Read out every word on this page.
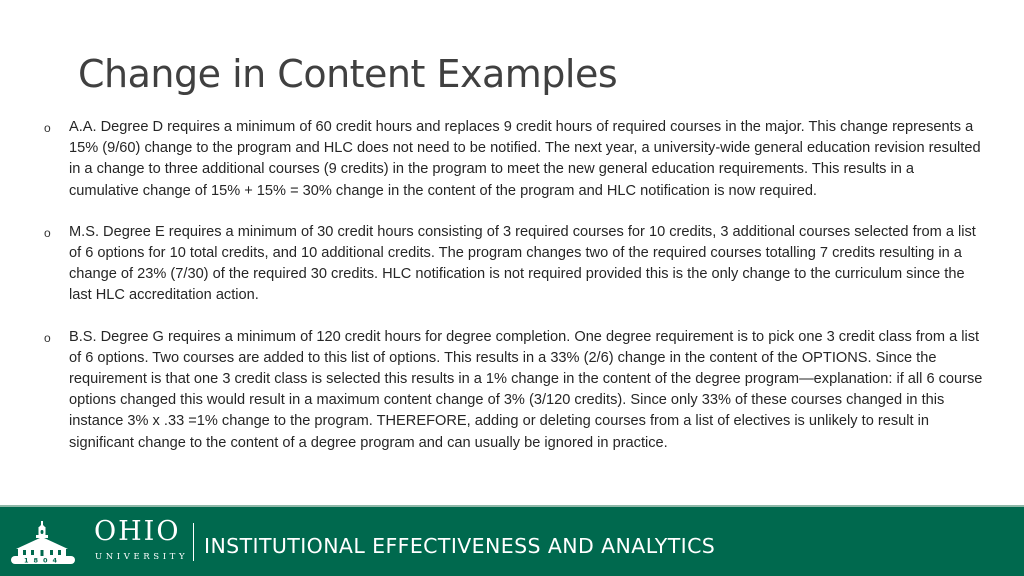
Change in Content Examples
o A.A. Degree D requires a minimum of 60 credit hours and replaces 9 credit hours of required courses in the major. This change represents a 15% (9/60) change to the program and HLC does not need to be notified. The next year, a university-wide general education revision resulted in a change to three additional courses (9 credits) in the program to meet the new general education requirements. This results in a cumulative change of 15% + 15% = 30% change in the content of the program and HLC notification is now required.
o M.S. Degree E requires a minimum of 30 credit hours consisting of 3 required courses for 10 credits, 3 additional courses selected from a list of 6 options for 10 total credits, and 10 additional credits. The program changes two of the required courses totalling 7 credits resulting in a change of 23% (7/30) of the required 30 credits. HLC notification is not required provided this is the only change to the curriculum since the last HLC accreditation action.
o B.S. Degree G requires a minimum of 120 credit hours for degree completion. One degree requirement is to pick one 3 credit class from a list of 6 options. Two courses are added to this list of options. This results in a 33% (2/6) change in the content of the OPTIONS. Since the requirement is that one 3 credit class is selected this results in a 1% change in the content of the degree program—explanation: if all 6 course options changed this would result in a maximum content change of 3% (3/120 credits). Since only 33% of these courses changed in this instance 3% x .33 =1% change to the program. THEREFORE, adding or deleting courses from a list of electives is unlikely to result in significant change to the content of a degree program and can usually be ignored in practice.
1804
OHIO
UNIVERSITY INSTITUTIONAL EFFECTIVENESS AND ANALYTICS
